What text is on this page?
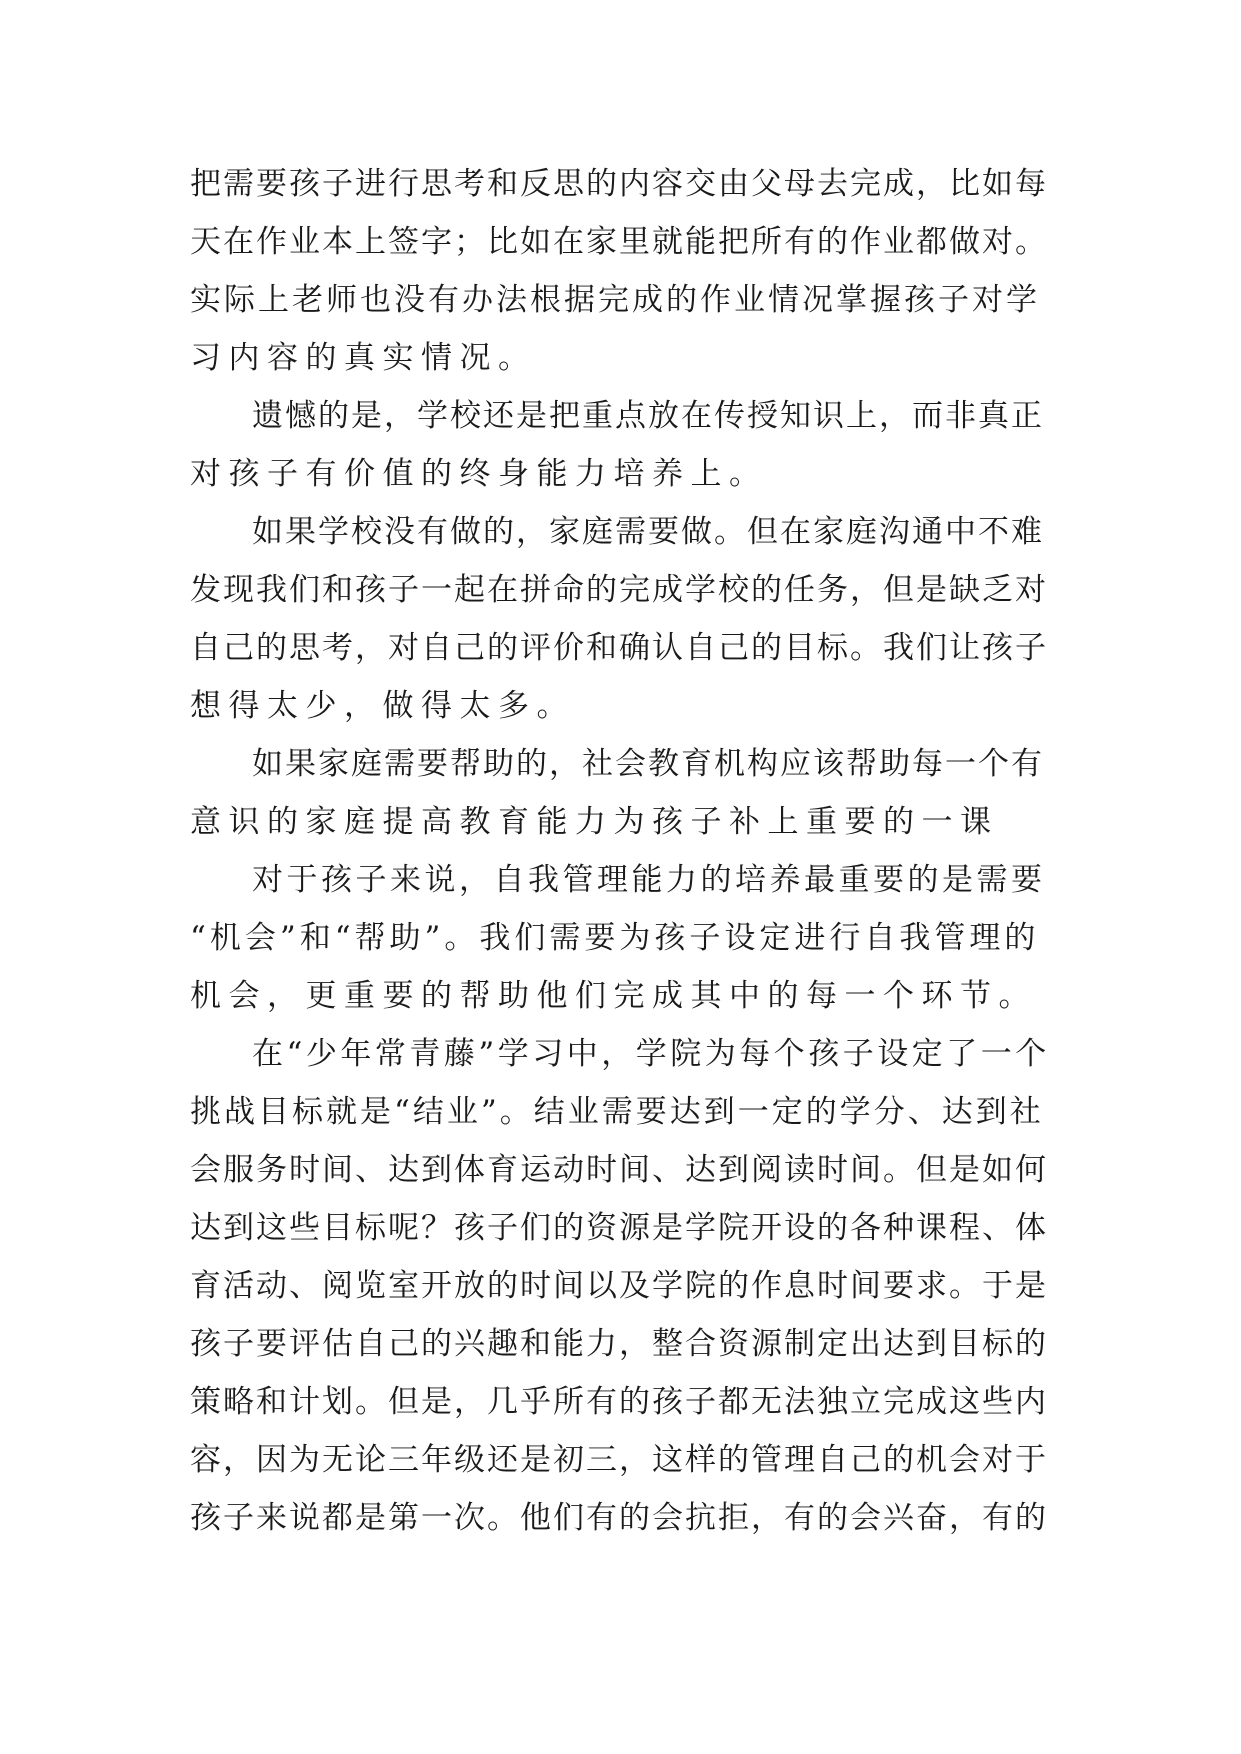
把需要孩子进行思考和反思的内容交由父母去完成，比如每
天在作业本上签字；比如在家里就能把所有的作业都做对。
实际上老师也没有办法根据完成的作业情况掌握孩子对学
习内容的真实情况。
遗憾的是，学校还是把重点放在传授知识上，而非真正
对孩子有价值的终身能力培养上。
如果学校没有做的，家庭需要做。但在家庭沟通中不难
发现我们和孩子一起在拼命的完成学校的任务，但是缺乏对
自己的思考，对自己的评价和确认自己的目标。我们让孩子
想得太少，做得太多。
如果家庭需要帮助的，社会教育机构应该帮助每一个有
意识的家庭提高教育能力为孩子补上重要的一课
对于孩子来说，自我管理能力的培养最重要的是需要
“机会”和“帮助”。我们需要为孩子设定进行自我管理的
机会，更重要的帮助他们完成其中的每一个环节。
在“少年常青藤”学习中，学院为每个孩子设定了一个
挑战目标就是“结业”。结业需要达到一定的学分、达到社
会服务时间、达到体育运动时间、达到阅读时间。但是如何
达到这些目标呢？孩子们的资源是学院开设的各种课程、体
育活动、阅览室开放的时间以及学院的作息时间要求。于是
孩子要评估自己的兴趣和能力，整合资源制定出达到目标的
策略和计划。但是，几乎所有的孩子都无法独立完成这些内
容，因为无论三年级还是初三，这样的管理自己的机会对于
孩子来说都是第一次。他们有的会抗拒，有的会兴奋，有的
